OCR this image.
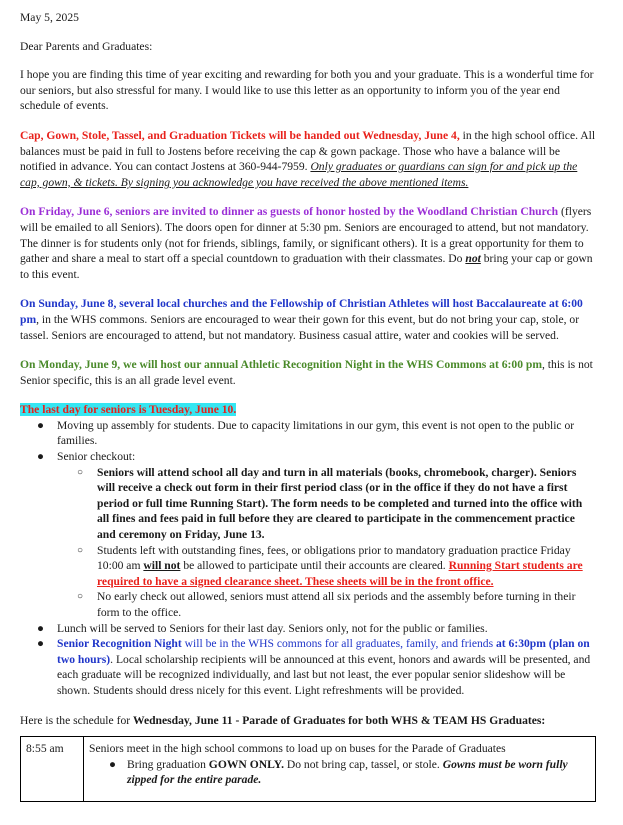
May 5, 2025

Dear Parents and Graduates:

I hope you are finding this time of year exciting and rewarding for both you and your graduate. This is a wonderful time for our seniors, but also stressful for many. I would like to use this letter as an opportunity to inform you of the year end schedule of events.

Cap, Gown, Stole, Tassel, and Graduation Tickets will be handed out Wednesday, June 4, in the high school office. All balances must be paid in full to Jostens before receiving the cap & gown package. Those who have a balance will be notified in advance. You can contact Jostens at 360-944-7959. Only graduates or guardians can sign for and pick up the cap, gown, & tickets. By signing you acknowledge you have received the above mentioned items.

On Friday, June 6, seniors are invited to dinner as guests of honor hosted by the Woodland Christian Church (flyers will be emailed to all Seniors). The doors open for dinner at 5:30 pm. Seniors are encouraged to attend, but not mandatory. The dinner is for students only (not for friends, siblings, family, or significant others). It is a great opportunity for them to gather and share a meal to start off a special countdown to graduation with their classmates. Do not bring your cap or gown to this event.

On Sunday, June 8, several local churches and the Fellowship of Christian Athletes will host Baccalaureate at 6:00 pm, in the WHS commons. Seniors are encouraged to wear their gown for this event, but do not bring your cap, stole, or tassel. Seniors are encouraged to attend, but not mandatory. Business casual attire, water and cookies will be served.

On Monday, June 9, we will host our annual Athletic Recognition Night in the WHS Commons at 6:00 pm, this is not Senior specific, this is an all grade level event.

The last day for seniors is Tuesday, June 10.

● Moving up assembly for students. Due to capacity limitations in our gym, this event is not open to the public or families.
● Senior checkout:
○ Seniors will attend school all day and turn in all materials (books, chromebook, charger). Seniors will receive a check out form in their first period class (or in the office if they do not have a first period or full time Running Start). The form needs to be completed and turned into the office with all fines and fees paid in full before they are cleared to participate in the commencement practice and ceremony on Friday, June 13.
○ Students left with outstanding fines, fees, or obligations prior to mandatory graduation practice Friday 10:00 am will not be allowed to participate until their accounts are cleared. Running Start students are required to have a signed clearance sheet. These sheets will be in the front office.
○ No early check out allowed, seniors must attend all six periods and the assembly before turning in their form to the office.
● Lunch will be served to Seniors for their last day. Seniors only, not for the public or families.
● Senior Recognition Night will be in the WHS commons for all graduates, family, and friends at 6:30pm (plan on two hours). Local scholarship recipients will be announced at this event, honors and awards will be presented, and each graduate will be recognized individually, and last but not least, the ever popular senior slideshow will be shown. Students should dress nicely for this event. Light refreshments will be provided.

Here is the schedule for Wednesday, June 11 - Parade of Graduates for both WHS & TEAM HS Graduates:

8:55 am	Seniors meet in the high school commons to load up on buses for the Parade of Graduates
● Bring graduation GOWN ONLY. Do not bring cap, tassel, or stole. Gowns must be worn fully zipped for the entire parade.
